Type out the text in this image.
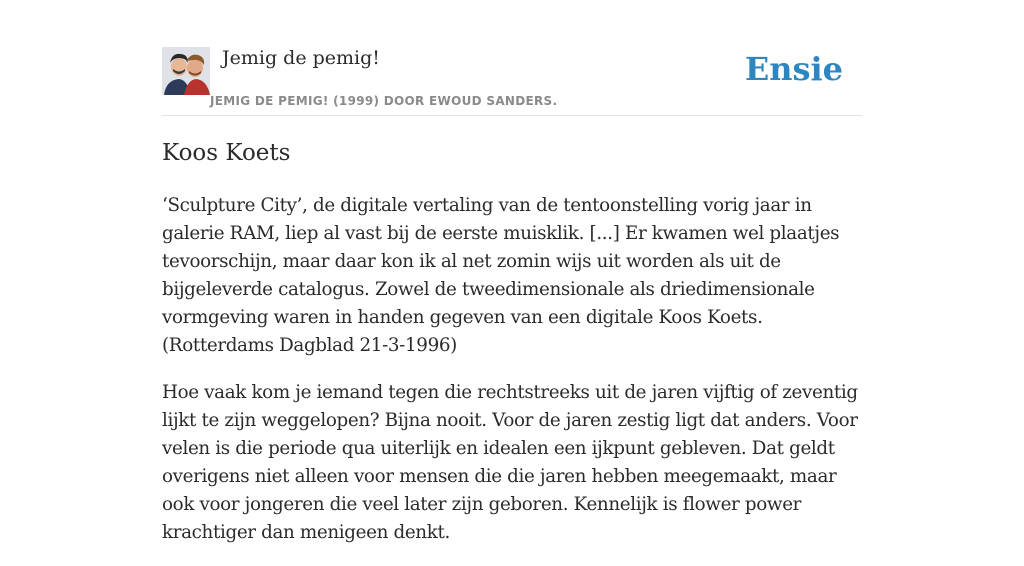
Jemig de pemig!
JEMIG DE PEMIG! (1999) DOOR EWOUD SANDERS.
Ensie
Koos Koets

‘Sculpture City’, de digitale vertaling van de tentoonstelling vorig jaar in galerie RAM, liep al vast bij de eerste muisklik. [...] Er kwamen wel plaatjes tevoorschijn, maar daar kon ik al net zomin wijs uit worden als uit de bijgeleverde catalogus. Zowel de tweedimensionale als driedimensionale vormgeving waren in handen gegeven van een digitale Koos Koets. (Rotterdams Dagblad 21-3-1996)

Hoe vaak kom je iemand tegen die rechtstreeks uit de jaren vijftig of zeventig lijkt te zijn weggelopen? Bijna nooit. Voor de jaren zestig ligt dat anders. Voor velen is die periode qua uiterlijk en idealen een ijkpunt gebleven. Dat geldt overigens niet alleen voor mensen die die jaren hebben meegemaakt, maar ook voor jongeren die veel later zijn geboren. Kennelijk is flower power krachtiger dan menigeen denkt.
